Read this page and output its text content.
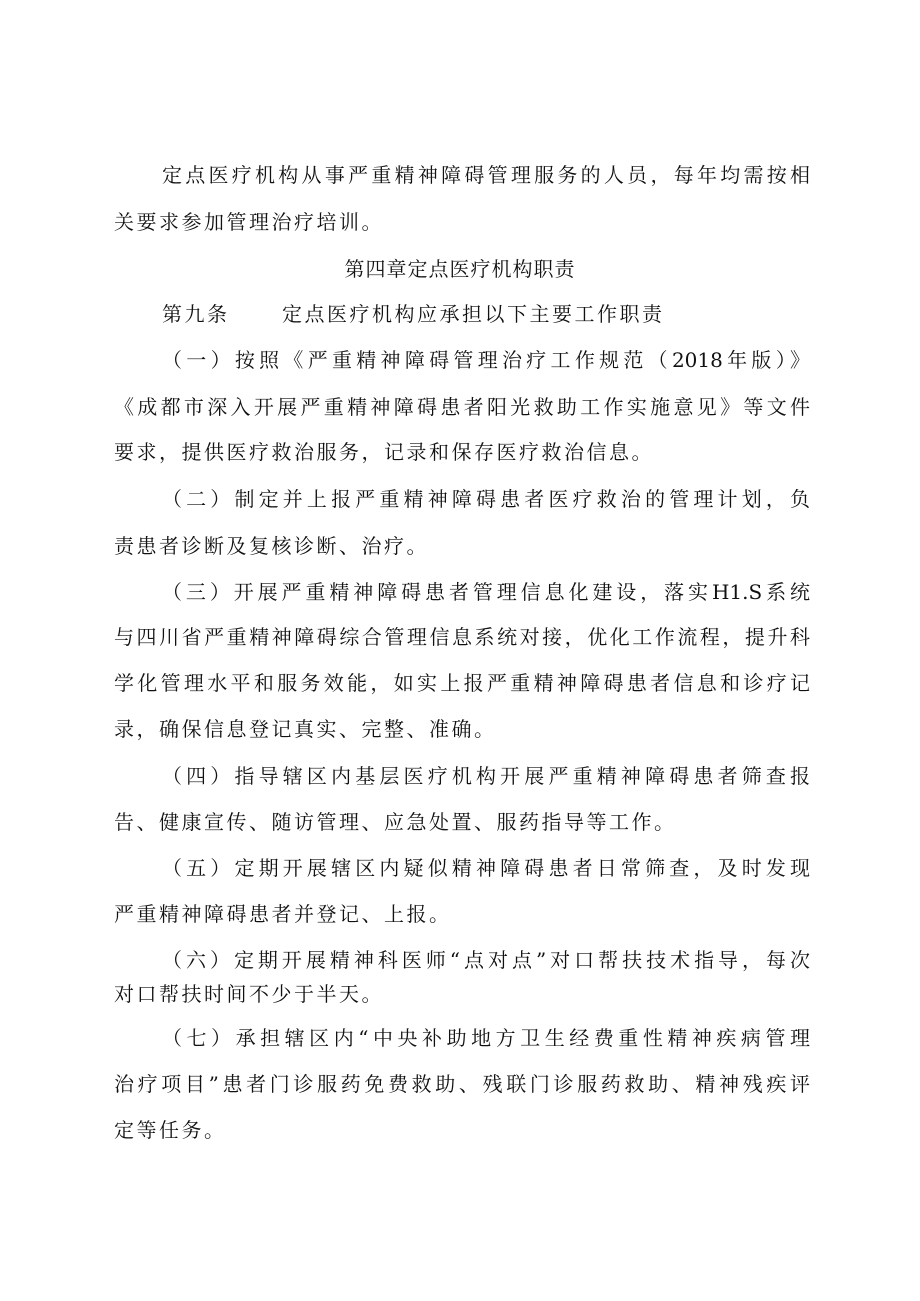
定点医疗机构从事严重精神障碍管理服务的人员，每年均需按相
关要求参加管理治疗培训。
第四章定点医疗机构职责
第九条	定点医疗机构应承担以下主要工作职责
（一）按照《严重精神障碍管理治疗工作规范（2018年版）》
《成都市深入开展严重精神障碍患者阳光救助工作实施意见》等文件
要求，提供医疗救治服务，记录和保存医疗救治信息。
（二）制定并上报严重精神障碍患者医疗救治的管理计划，负
责患者诊断及复核诊断、治疗。
（三）开展严重精神障碍患者管理信息化建设，落实H1.S系统
与四川省严重精神障碍综合管理信息系统对接，优化工作流程，提升科
学化管理水平和服务效能，如实上报严重精神障碍患者信息和诊疗记
录，确保信息登记真实、完整、准确。
（四）指导辖区内基层医疗机构开展严重精神障碍患者筛查报
告、健康宣传、随访管理、应急处置、服药指导等工作。
（五）定期开展辖区内疑似精神障碍患者日常筛查，及时发现
严重精神障碍患者并登记、上报。
（六）定期开展精神科医师“点对点”对口帮扶技术指导，每次
对口帮扶时间不少于半天。
（七）承担辖区内“中央补助地方卫生经费重性精神疾病管理
治疗项目”患者门诊服药免费救助、残联门诊服药救助、精神残疾评
定等任务。
